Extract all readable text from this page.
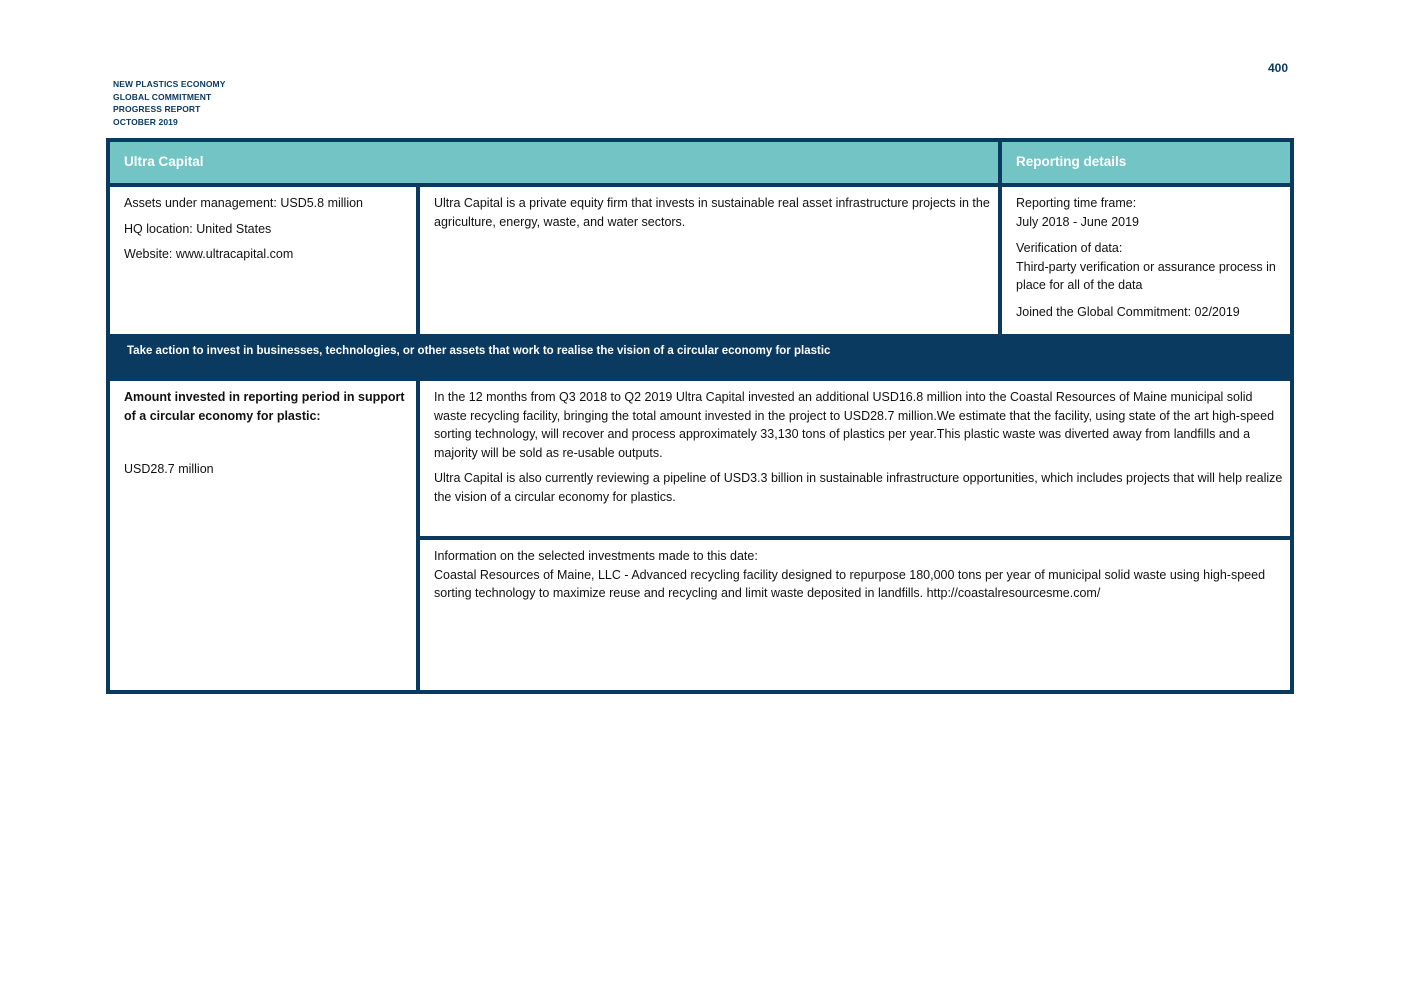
400
NEW PLASTICS ECONOMY
GLOBAL COMMITMENT
PROGRESS REPORT
OCTOBER 2019
Ultra Capital	Reporting details

Assets under management: USD5.8 million

HQ location: United States

Website: www.ultracapital.com

Ultra Capital is a private equity firm that invests in sustainable real asset infrastructure projects in the agriculture, energy, waste, and water sectors.

Reporting time frame:

July 2018 - June 2019

Verification of data:

Third-party verification or assurance process in place for all of the data

Joined the Global Commitment: 02/2019

Take action to invest in businesses, technologies, or other assets that work to realise the vision of a circular economy for plastic

Amount invested in reporting period in support of a circular economy for plastic:

USD28.7 million

In the 12 months from Q3 2018 to Q2 2019 Ultra Capital invested an additional USD16.8 million into the Coastal Resources of Maine municipal solid waste recycling facility, bringing the total amount invested in the project to USD28.7 million.We estimate that the facility, using state of the art high-speed sorting technology, will recover and process approximately 33,130 tons of plastics per year.This plastic waste was diverted away from landfills and a majority will be sold as re-usable outputs.

Ultra Capital is also currently reviewing a pipeline of USD3.3 billion in sustainable infrastructure opportunities, which includes projects that will help realize the vision of a circular economy for plastics.

Information on the selected investments made to this date:

Coastal Resources of Maine, LLC - Advanced recycling facility designed to repurpose 180,000 tons per year of municipal solid waste using high-speed sorting technology to maximize reuse and recycling and limit waste deposited in landfills. http://coastalresourcesme.com/
